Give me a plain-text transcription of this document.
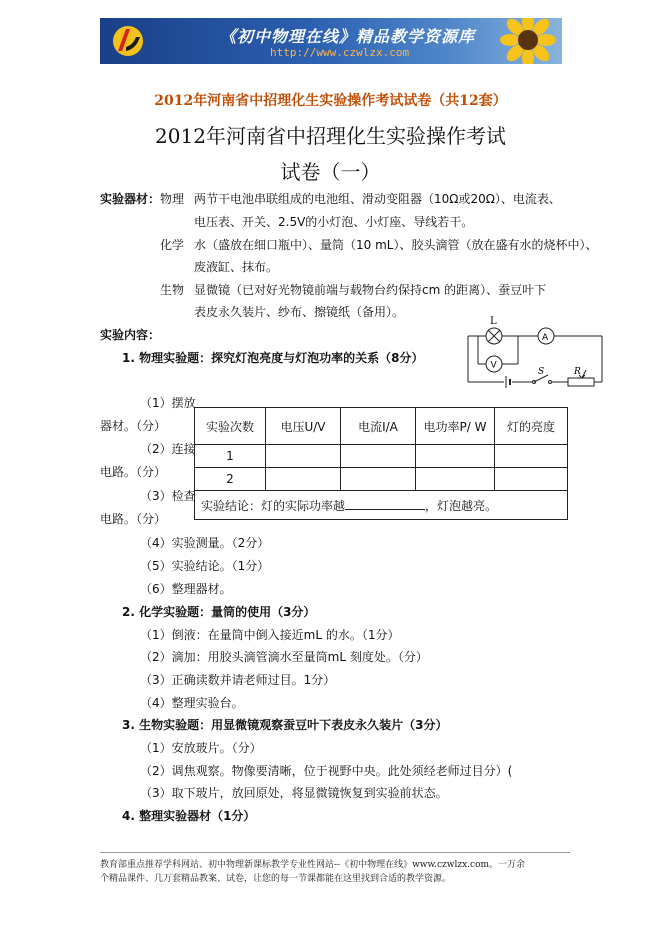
《初中物理在线》精品教学资源库
http://www.czwlzx.com
2012年河南省中招理化生实验操作考试试卷（共12套）
2012年河南省中招理化生实验操作考试
试卷（一）
实验器材： 物理 两节干电池串联组成的电池组、滑动变阻器（10Ω或20Ω）、电流表、
电压表、开关、2.5V的小灯泡、小灯座、导线若干。
化学 水（盛放在细口瓶中）、量筒（10 mL）、胶头滴管（放在盛有水的烧杯中）、
废液缸、抹布。
生物 显微镜（已对好光物镜前端与载物台约保持cm 的距离）、蚕豆叶下
表皮永久装片、纱布、擦镜纸（备用）。
实验内容：
L
A
V
S	R
1. 物理实验题：探究灯泡亮度与灯泡功率的关系（8分）
（1）摆放
器材。（分）
（2）连接
电路。（分）
（3）检查
电路。（分）
（4）实验测量。（2分）
（5）实验结论。（1分）
（6）整理器材。
实验次数	电压U/V	电流I/A	电功率P/ W	灯的亮度
1				
2				
实验结论：灯的实际功率越 ，灯泡越亮。				
2. 化学实验题：量筒的使用（3分）
（1）倒液：在量筒中倒入接近mL 的水。（1分）
（2）滴加：用胶头滴管滴水至量筒mL 刻度处。（分）
（3）正确读数并请老师过目。1分）
（4）整理实验台。
3. 生物实验题：用显微镜观察蚕豆叶下表皮永久装片（3分）
（1）安放玻片。（分）
（2）调焦观察。物像要清晰，位于视野中央。此处须经老师过目分）(
（3）取下玻片，放回原处，将显微镜恢复到实验前状态。
4. 整理实验器材（1分）
教育部重点推荐学科网站、初中物理新课标教学专业性网站--《初中物理在线》www.czwlzx.com。一万余
个精品课件、几万套精品教案、试卷，让您的每一节课都能在这里找到合适的教学资源。
